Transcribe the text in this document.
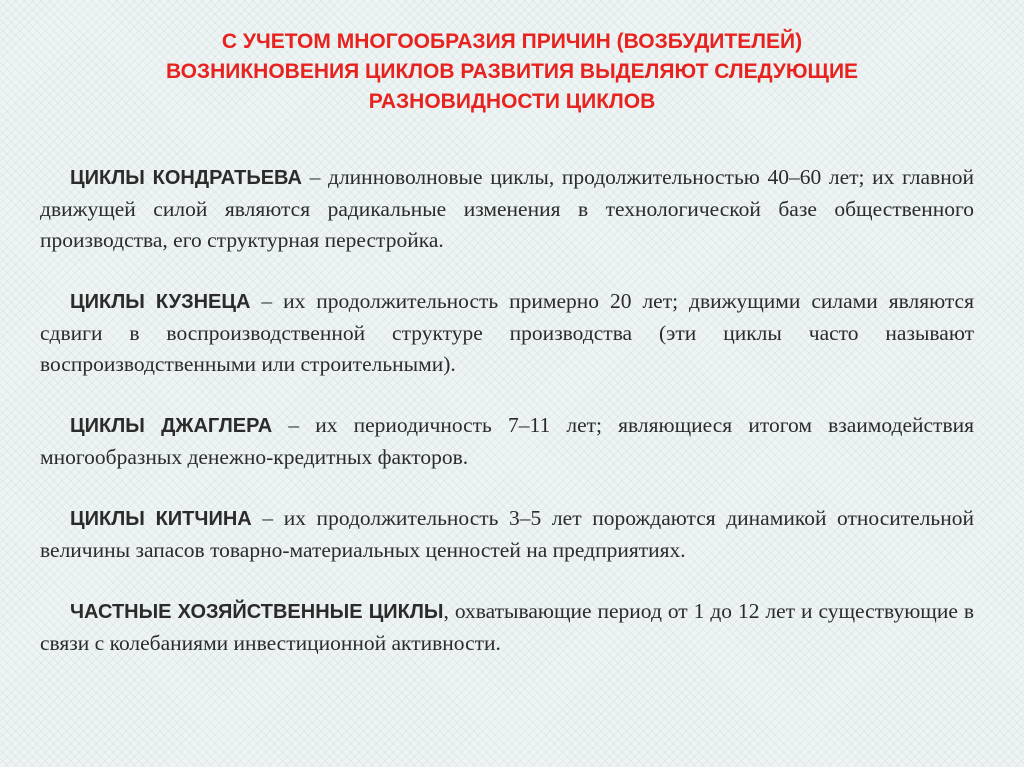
С УЧЕТОМ МНОГООБРАЗИЯ ПРИЧИН (ВОЗБУДИТЕЛЕЙ)
ВОЗНИКНОВЕНИЯ ЦИКЛОВ РАЗВИТИЯ ВЫДЕЛЯЮТ СЛЕДУЮЩИЕ
РАЗНОВИДНОСТИ ЦИКЛОВ

ЦИКЛЫ КОНДРАТЬЕВА – длинноволновые циклы, продолжительностью 40–60 лет; их главной движущей силой являются радикальные изменения в технологической базе общественного производства, его структурная перестройка.

ЦИКЛЫ КУЗНЕЦА – их продолжительность примерно 20 лет; движущими силами являются сдвиги в воспроизводственной структуре производства (эти циклы часто называют воспроизводственными или строительными).

ЦИКЛЫ ДЖАГЛЕРА – их периодичность 7–11 лет; являющиеся итогом взаимодействия многообразных денежно-кредитных факторов.

ЦИКЛЫ КИТЧИНА – их продолжительность 3–5 лет порождаются динамикой относительной величины запасов товарно-материальных ценностей на предприятиях.

ЧАСТНЫЕ ХОЗЯЙСТВЕННЫЕ ЦИКЛЫ, охватывающие период от 1 до 12 лет и существующие в связи с колебаниями инвестиционной активности.
